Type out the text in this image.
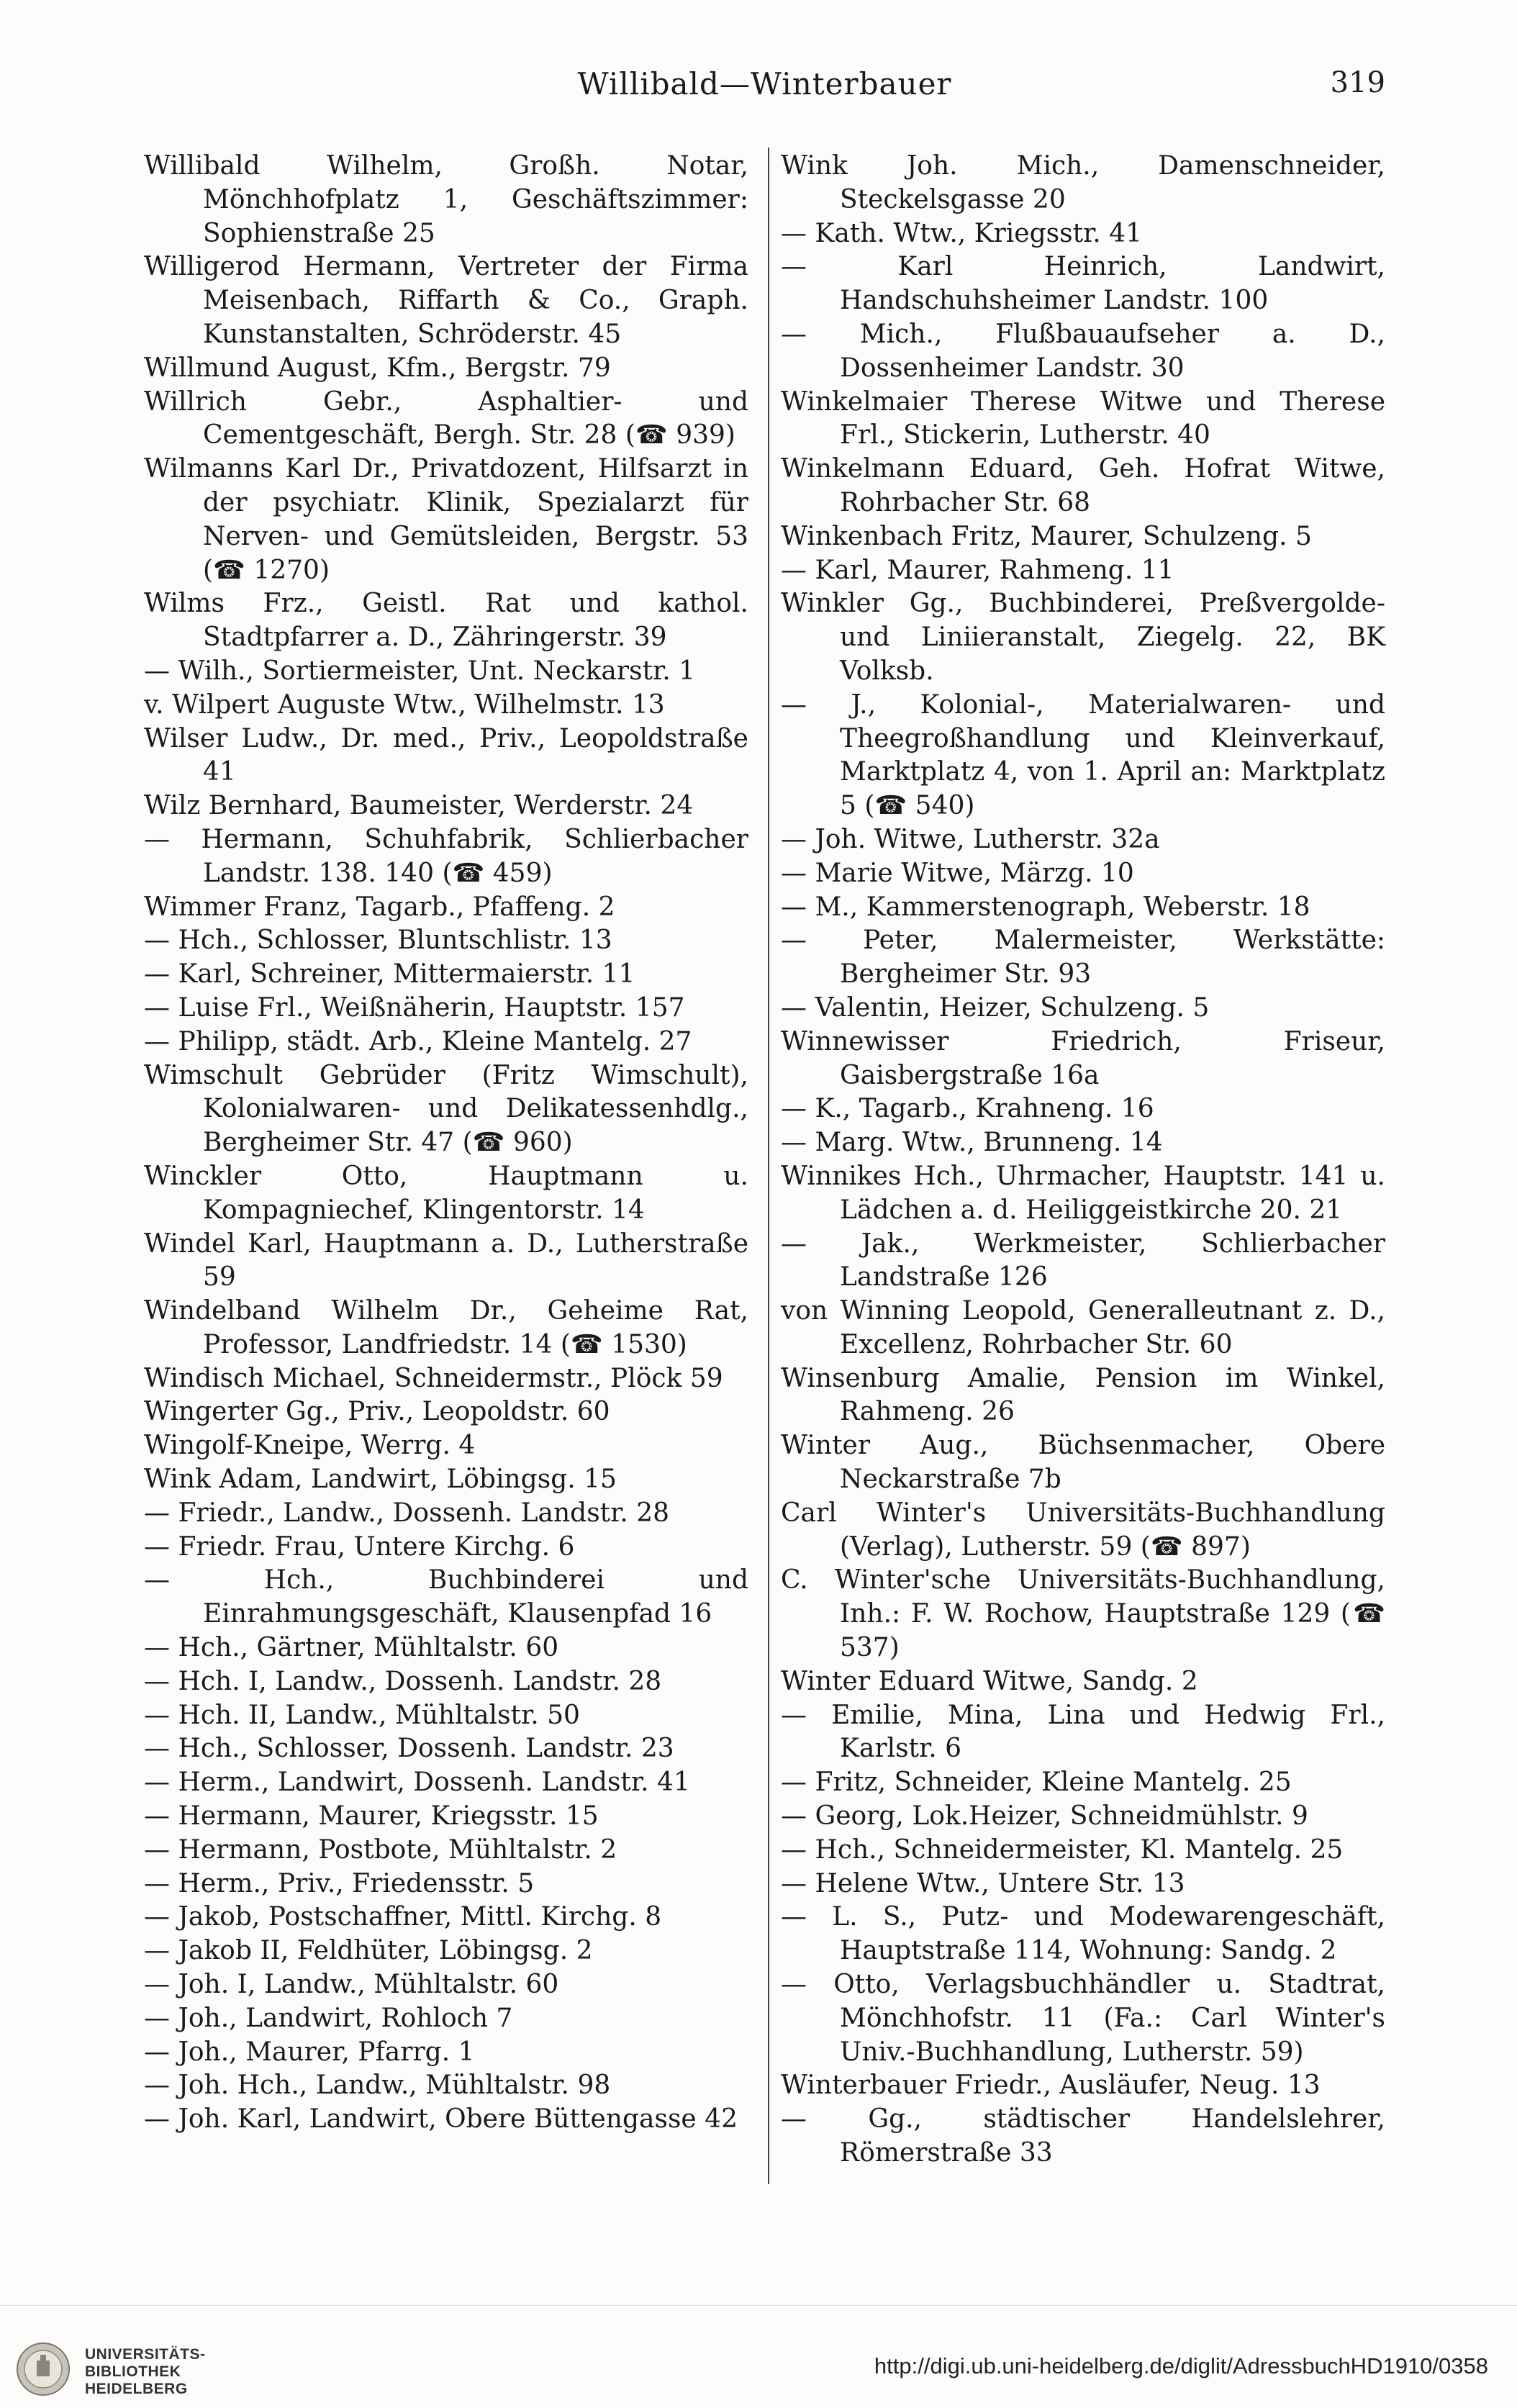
Willibald—Winterbauer	319

Willibald Wilhelm, Großh. Notar, Mönchhofplatz 1, Geschäftszimmer: Sophienstraße 25

Willigerod Hermann, Vertreter der Firma Meisenbach, Riffarth & Co., Graph. Kunstanstalten, Schröderstr. 45

Willmund August, Kfm., Bergstr. 79

Willrich Gebr., Asphaltier- und Cementgeschäft, Bergh. Str. 28 (☎ 939)

Wilmanns Karl Dr., Privatdozent, Hilfsarzt in der psychiatr. Klinik, Spezialarzt für Nerven- und Gemütsleiden, Bergstr. 53 (☎ 1270)

Wilms Frz., Geistl. Rat und kathol. Stadtpfarrer a. D., Zähringerstr. 39

— Wilh., Sortiermeister, Unt. Neckarstr. 1

v. Wilpert Auguste Wtw., Wilhelmstr. 13

Wilser Ludw., Dr. med., Priv., Leopoldstraße 41

Wilz Bernhard, Baumeister, Werderstr. 24

— Hermann, Schuhfabrik, Schlierbacher Landstr. 138. 140 (☎ 459)

Wimmer Franz, Tagarb., Pfaffeng. 2

— Hch., Schlosser, Bluntschlistr. 13

— Karl, Schreiner, Mittermaierstr. 11

— Luise Frl., Weißnäherin, Hauptstr. 157

— Philipp, städt. Arb., Kleine Mantelg. 27

Wimschult Gebrüder (Fritz Wimschult), Kolonialwaren- und Delikatessenhdlg., Bergheimer Str. 47 (☎ 960)

Winckler Otto, Hauptmann u. Kompagniechef, Klingentorstr. 14

Windel Karl, Hauptmann a. D., Lutherstraße 59

Windelband Wilhelm Dr., Geheime Rat, Professor, Landfriedstr. 14 (☎ 1530)

Windisch Michael, Schneidermstr., Plöck 59

Wingerter Gg., Priv., Leopoldstr. 60

Wingolf-Kneipe, Werrg. 4

Wink Adam, Landwirt, Löbingsg. 15

— Friedr., Landw., Dossenh. Landstr. 28

— Friedr. Frau, Untere Kirchg. 6

— Hch., Buchbinderei und Einrahmungsgeschäft, Klausenpfad 16

— Hch., Gärtner, Mühltalstr. 60

— Hch. I, Landw., Dossenh. Landstr. 28

— Hch. II, Landw., Mühltalstr. 50

— Hch., Schlosser, Dossenh. Landstr. 23

— Herm., Landwirt, Dossenh. Landstr. 41

— Hermann, Maurer, Kriegsstr. 15

— Hermann, Postbote, Mühltalstr. 2

— Herm., Priv., Friedensstr. 5

— Jakob, Postschaffner, Mittl. Kirchg. 8

— Jakob II, Feldhüter, Löbingsg. 2

— Joh. I, Landw., Mühltalstr. 60

— Joh., Landwirt, Rohloch 7

— Joh., Maurer, Pfarrg. 1

— Joh. Hch., Landw., Mühltalstr. 98

— Joh. Karl, Landwirt, Obere Büttengasse 42

Wink Joh. Mich., Damenschneider, Steckelsgasse 20

— Kath. Wtw., Kriegsstr. 41

— Karl Heinrich, Landwirt, Handschuhsheimer Landstr. 100

— Mich., Flußbauaufseher a. D., Dossenheimer Landstr. 30

Winkelmaier Therese Witwe und Therese Frl., Stickerin, Lutherstr. 40

Winkelmann Eduard, Geh. Hofrat Witwe, Rohrbacher Str. 68

Winkenbach Fritz, Maurer, Schulzeng. 5

— Karl, Maurer, Rahmeng. 11

Winkler Gg., Buchbinderei, Preßvergolde- und Liniieranstalt, Ziegelg. 22, BK Volksb.

— J., Kolonial-, Materialwaren- und Theegroßhandlung und Kleinverkauf, Marktplatz 4, von 1. April an: Marktplatz 5 (☎ 540)

— Joh. Witwe, Lutherstr. 32a

— Marie Witwe, Märzg. 10

— M., Kammerstenograph, Weberstr. 18

— Peter, Malermeister, Werkstätte: Bergheimer Str. 93

— Valentin, Heizer, Schulzeng. 5

Winnewisser Friedrich, Friseur, Gaisbergstraße 16a

— K., Tagarb., Krahneng. 16

— Marg. Wtw., Brunneng. 14

Winnikes Hch., Uhrmacher, Hauptstr. 141 u. Lädchen a. d. Heiliggeistkirche 20. 21

— Jak., Werkmeister, Schlierbacher Landstraße 126

von Winning Leopold, Generalleutnant z. D., Excellenz, Rohrbacher Str. 60

Winsenburg Amalie, Pension im Winkel, Rahmeng. 26

Winter Aug., Büchsenmacher, Obere Neckarstraße 7b

Carl Winter's Universitäts-Buchhandlung (Verlag), Lutherstr. 59 (☎ 897)

C. Winter'sche Universitäts-Buchhandlung, Inh.: F. W. Rochow, Hauptstraße 129 (☎ 537)

Winter Eduard Witwe, Sandg. 2

— Emilie, Mina, Lina und Hedwig Frl., Karlstr. 6

— Fritz, Schneider, Kleine Mantelg. 25

— Georg, Lok.Heizer, Schneidmühlstr. 9

— Hch., Schneidermeister, Kl. Mantelg. 25

— Helene Wtw., Untere Str. 13

— L. S., Putz- und Modewarengeschäft, Hauptstraße 114, Wohnung: Sandg. 2

— Otto, Verlagsbuchhändler u. Stadtrat, Mönchhofstr. 11 (Fa.: Carl Winter's Univ.-Buchhandlung, Lutherstr. 59)

Winterbauer Friedr., Ausläufer, Neug. 13

— Gg., städtischer Handelslehrer, Römerstraße 33

UNIVERSITÄTS-
BIBLIOTHEK
HEIDELBERG
http://digi.ub.uni-heidelberg.de/diglit/AdressbuchHD1910/0358
